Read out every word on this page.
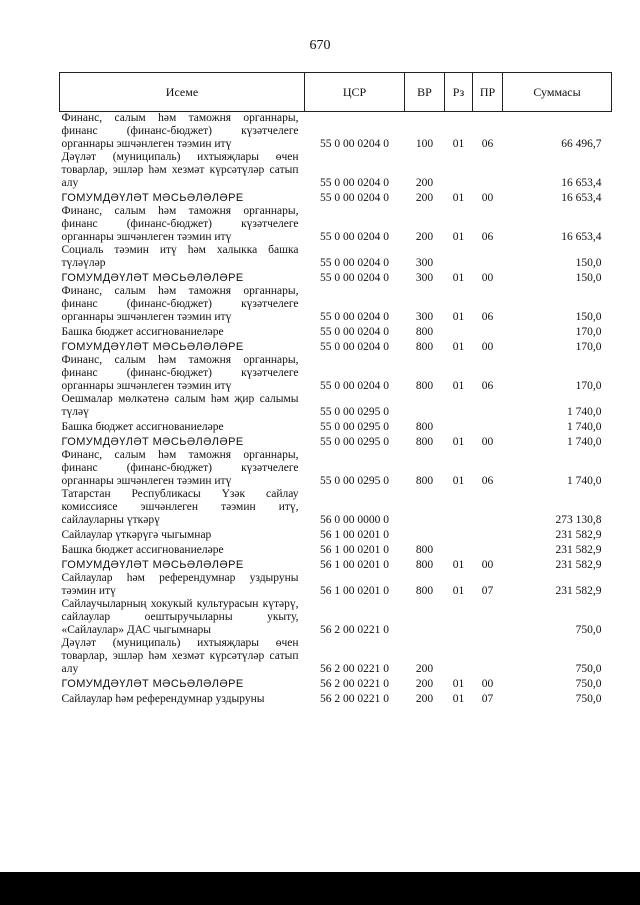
670
Исеме	ЦСР	ВР	Рз	ПР	Суммасы
Финанс, салым һәм таможня органнары, финанс (финанс-бюджет) күзәтчелеге органнары эшчәнлеген тәэмин итү	55 0 00 0204 0	100	01	06	66 496,7
Дәүләт (муниципаль) ихтыяҗлары өчен товарлар, эшләр һәм хезмәт күрсәтүләр сатып алу	55 0 00 0204 0	200			16 653,4
ГОМУМДӘҮЛӘТ МӘСЬӘЛӘЛӘРЕ	55 0 00 0204 0	200	01	00	16 653,4
Финанс, салым һәм таможня органнары, финанс (финанс-бюджет) күзәтчелеге органнары эшчәнлеген тәэмин итү	55 0 00 0204 0	200	01	06	16 653,4
Социаль тәэмин итү һәм халыкка башка түләүләр	55 0 00 0204 0	300			150,0
ГОМУМДӘҮЛӘТ МӘСЬӘЛӘЛӘРЕ	55 0 00 0204 0	300	01	00	150,0
Финанс, салым һәм таможня органнары, финанс (финанс-бюджет) күзәтчелеге органнары эшчәнлеген тәэмин итү	55 0 00 0204 0	300	01	06	150,0
Башка бюджет ассигнованиеләре	55 0 00 0204 0	800			170,0
ГОМУМДӘҮЛӘТ МӘСЬӘЛӘЛӘРЕ	55 0 00 0204 0	800	01	00	170,0
Финанс, салым һәм таможня органнары, финанс (финанс-бюджет) күзәтчелеге органнары эшчәнлеген тәэмин итү	55 0 00 0204 0	800	01	06	170,0
Оешмалар мөлкәтенә салым һәм җир салымы түләү	55 0 00 0295 0				1 740,0
Башка бюджет ассигнованиеләре	55 0 00 0295 0	800			1 740,0
ГОМУМДӘҮЛӘТ МӘСЬӘЛӘЛӘРЕ	55 0 00 0295 0	800	01	00	1 740,0
Финанс, салым һәм таможня органнары, финанс (финанс-бюджет) күзәтчелеге органнары эшчәнлеген тәэмин итү	55 0 00 0295 0	800	01	06	1 740,0
Татарстан Республикасы Үзәк сайлау комиссиясе эшчәнлеген тәэмин итү, сайлауларны үткәрү	56 0 00 0000 0				273 130,8
Сайлаулар үткәрүгә чыгымнар	56 1 00 0201 0				231 582,9
Башка бюджет ассигнованиеләре	56 1 00 0201 0	800			231 582,9
ГОМУМДӘҮЛӘТ МӘСЬӘЛӘЛӘРЕ	56 1 00 0201 0	800	01	00	231 582,9
Сайлаулар һәм референдумнар уздыруны тәэмин итү	56 1 00 0201 0	800	01	07	231 582,9
Сайлаучыларның хокукый культурасын күтәрү, сайлаулар оештыручыларны укыту, «Сайлаулар» ДАС чыгымнары	56 2 00 0221 0				750,0
Дәүләт (муниципаль) ихтыяҗлары өчен товарлар, эшләр һәм хезмәт күрсәтүләр сатып алу	56 2 00 0221 0	200			750,0
ГОМУМДӘҮЛӘТ МӘСЬӘЛӘЛӘРЕ	56 2 00 0221 0	200	01	00	750,0
Сайлаулар һәм референдумнар уздыруны	56 2 00 0221 0	200	01	07	750,0
